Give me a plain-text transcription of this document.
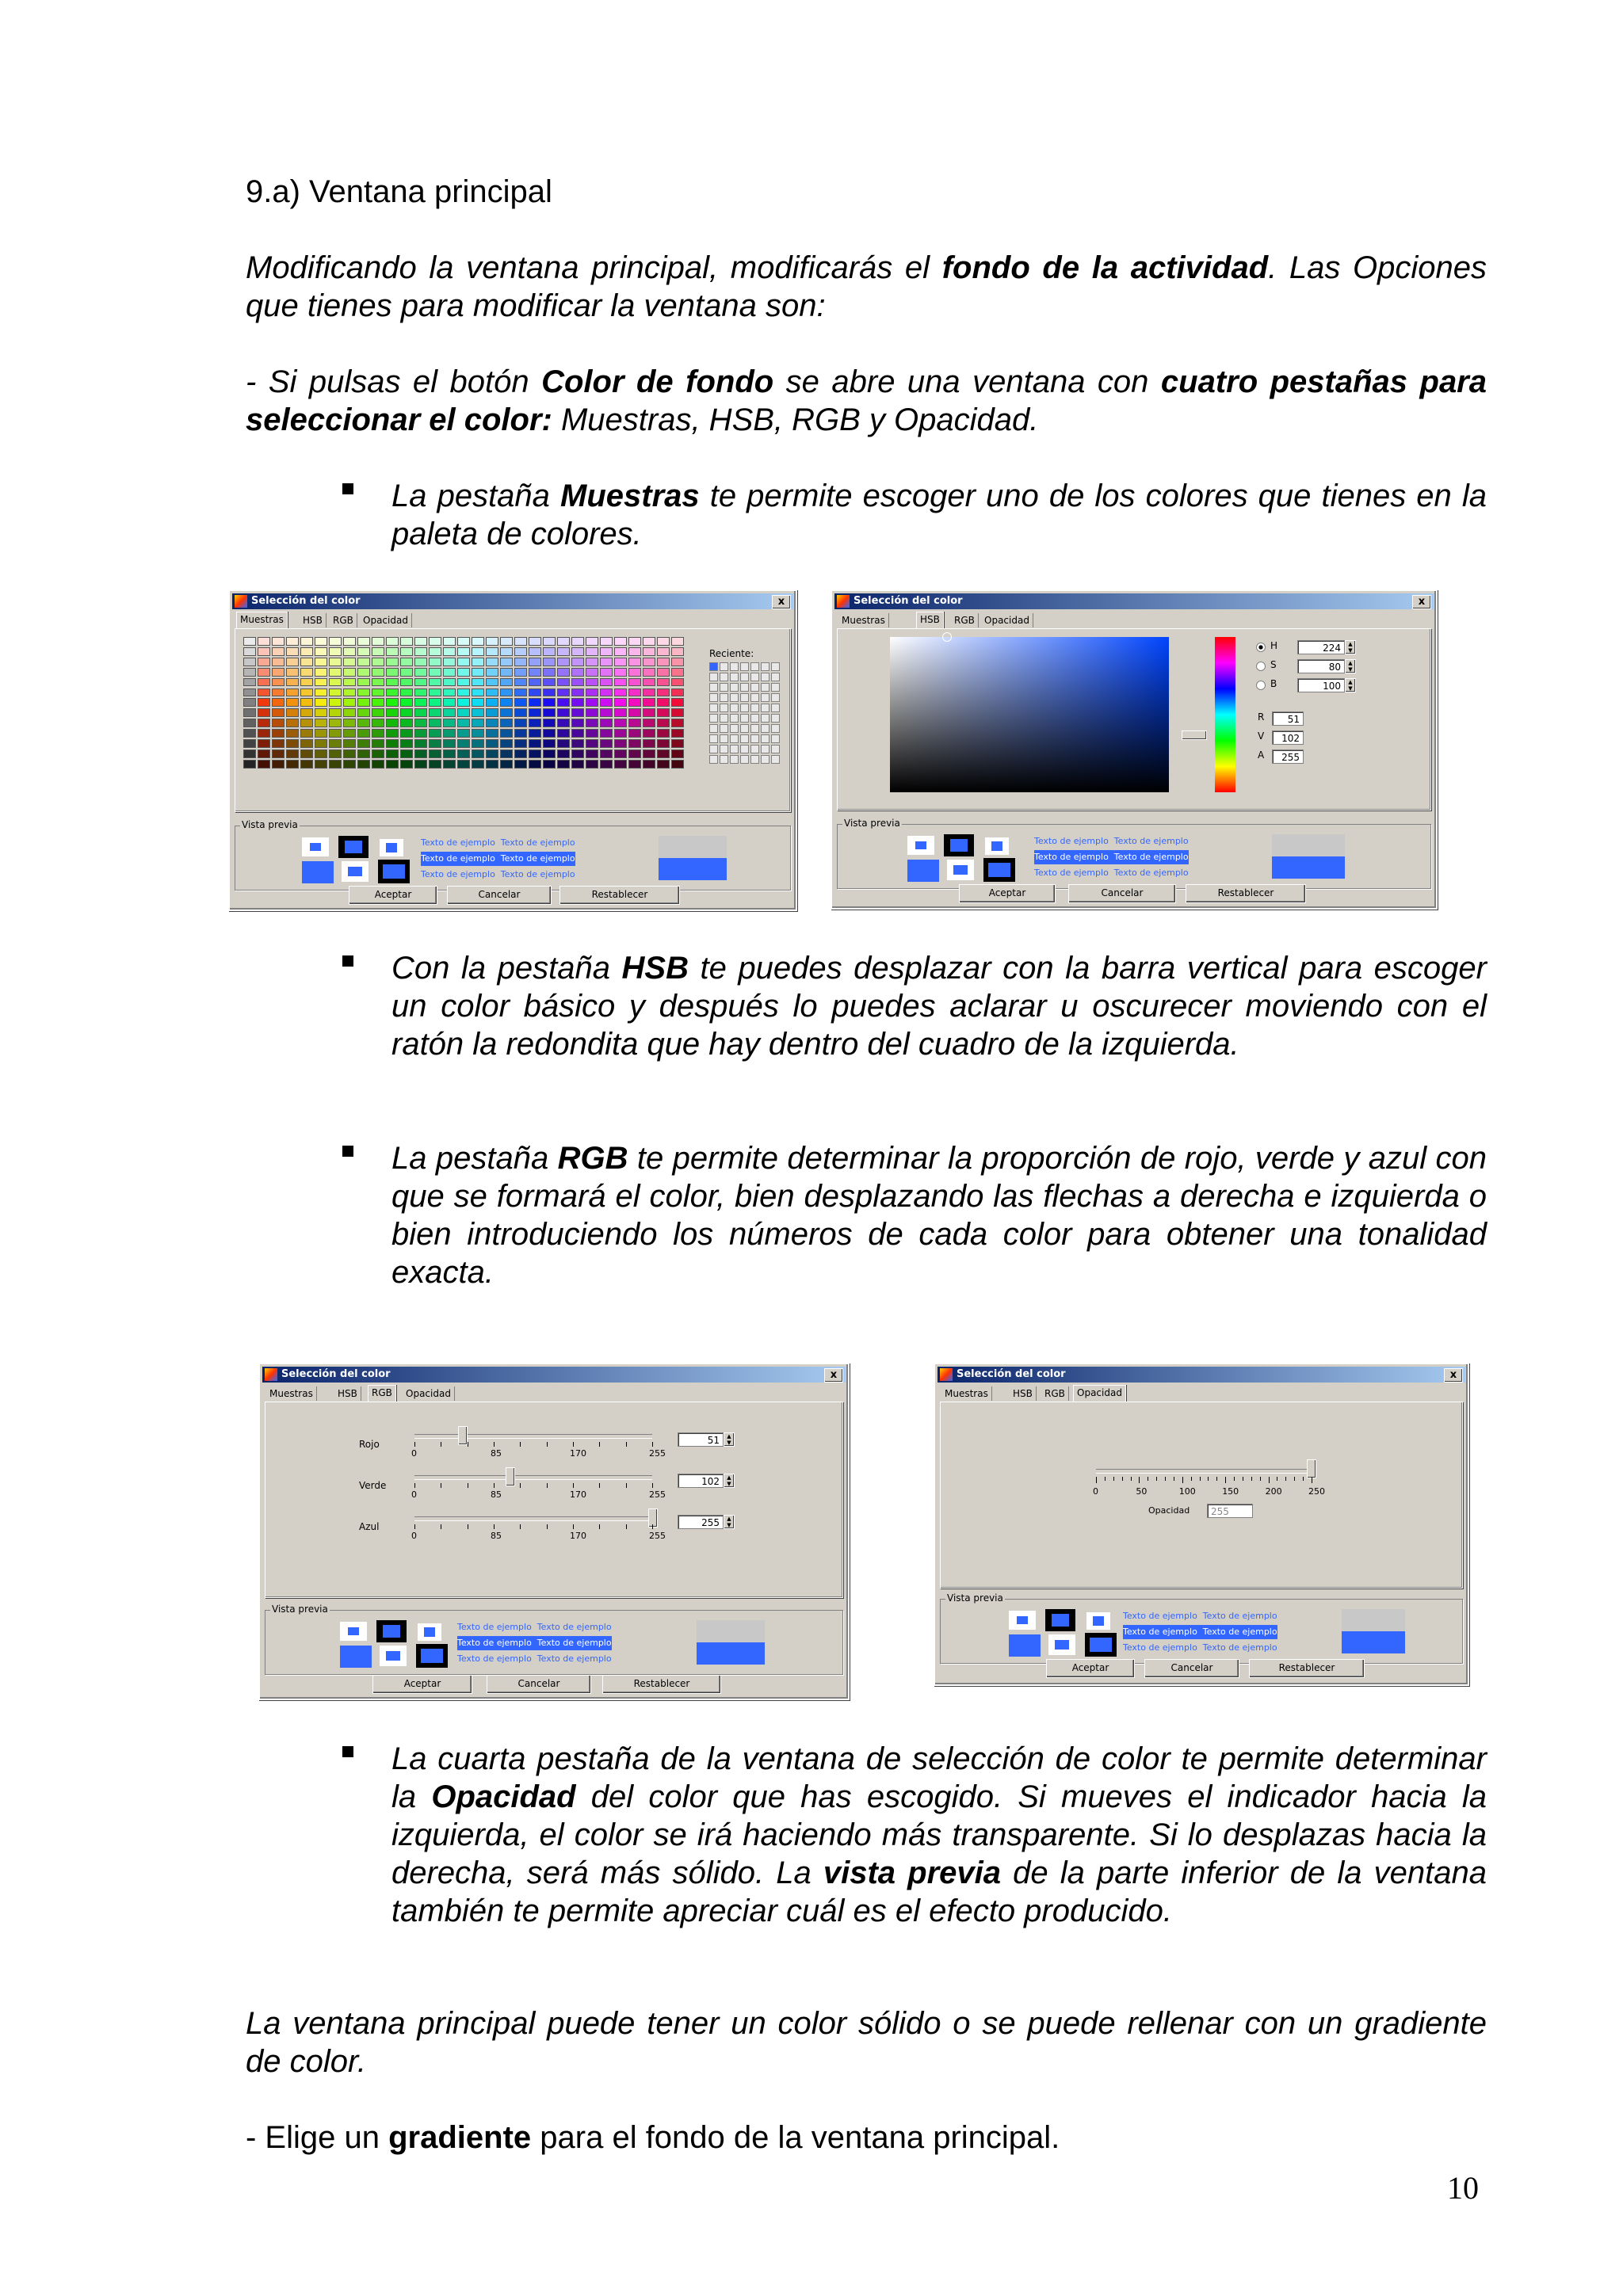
9.a) Ventana principal
Modificando la ventana principal, modificarás el fondo de la actividad. Las Opciones que tienes para modificar la ventana son:
- Si pulsas el botón Color de fondo se abre una ventana con cuatro pestañas para seleccionar el color: Muestras, HSB, RGB y Opacidad.
La pestaña Muestras te permite escoger uno de los colores que tienes en la paleta de colores.
Selección del color	x
Muestras	HSB	RGB	Opacidad
Reciente:
Vista previa
Texto de ejemplo Texto de ejemplo
Texto de ejemplo Texto de ejemplo
Texto de ejemplo Texto de ejemplo
Aceptar	Cancelar	Restablecer
Selección del color	x
Muestras	HSB	RGB	Opacidad
H	224	▲
▼
S	80	▲
▼
B	100	▲
▼
R	51
V	102
A	255
Vista previa
Texto de ejemplo Texto de ejemplo
Texto de ejemplo Texto de ejemplo
Texto de ejemplo Texto de ejemplo
Aceptar	Cancelar	Restablecer
Con la pestaña HSB te puedes desplazar con la barra vertical para escoger un color básico y después lo puedes aclarar u oscurecer moviendo con el ratón la redondita que hay dentro del cuadro de la izquierda.
La pestaña RGB te permite determinar la proporción de rojo, verde y azul con que se formará el color, bien desplazando las flechas a derecha e izquierda o bien introduciendo los números de cada color para obtener una tonalidad exacta.
Selección del color	x
Muestras	HSB	RGB	Opacidad
Rojo
0	85	170	255
51	▲
▼
Verde
0	85	170	255
102	▲
▼
Azul
0	85	170	255
255	▲
▼
Vista previa
Texto de ejemplo Texto de ejemplo
Texto de ejemplo Texto de ejemplo
Texto de ejemplo Texto de ejemplo
Aceptar	Cancelar	Restablecer
Selección del color	x
Muestras	HSB	RGB	Opacidad
0	50	100	150	200	250
Opacidad	255
Vista previa
Texto de ejemplo Texto de ejemplo
Texto de ejemplo Texto de ejemplo
Texto de ejemplo Texto de ejemplo
Aceptar	Cancelar	Restablecer
La cuarta pestaña de la ventana de selección de color te permite determinar la Opacidad del color que has escogido. Si mueves el indicador hacia la izquierda, el color se irá haciendo más transparente. Si lo desplazas hacia la derecha, será más sólido. La vista previa de la parte inferior de la ventana también te permite apreciar cuál es el efecto producido.
La ventana principal puede tener un color sólido o se puede rellenar con un gradiente de color.
- Elige un gradiente para el fondo de la ventana principal.
10
